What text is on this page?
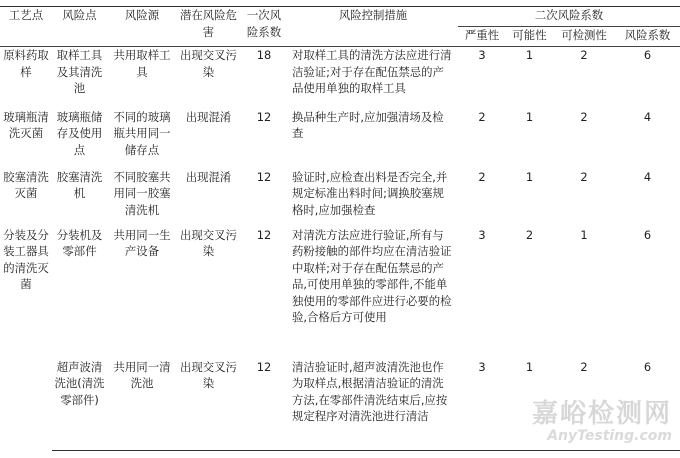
工艺点	风险点	风险源	潜在风险危害	一次风险系数	风险控制措施	二次风险系数			
						严重性	可能性	可检测性	风险系数
原料药取样	取样工具及其清洗池	共用取样工具	出现交叉污染	18	对取样工具的清洗方法应进行清洁验证;对于存在配伍禁忌的产品使用单独的取样工具	3	1	2	6
玻璃瓶清洗灭菌	玻璃瓶储存及使用点	不同的玻璃瓶共用同一储存点	出现混淆	12	换品种生产时,应加强清场及检查	2	1	2	4
胶塞清洗灭菌	胶塞清洗机	不同胶塞共用同一胶塞清洗机	出现混淆	12	验证时,应检查出料是否完全,并规定标准出料时间;调换胶塞规格时,应加强检查	2	1	2	4
分装及分装工器具的清洗灭菌	分装机及零部件	共用同一生产设备	出现交叉污染	12	对清洗方法应进行验证,所有与药粉接触的部件均应在清洁验证中取样;对于存在配伍禁忌的产品,可使用单独的零部件,不能单独使用的零部件应进行必要的检验,合格后方可使用	3	2	1	6
	超声波清洗池(清洗零部件)	共用同一清洗池	出现交叉污染	12	清洁验证时,超声波清洗池也作为取样点,根据清洁验证的清洗方法,在零部件清洗结束后,应按规定程序对清洗池进行清洁	3	1	2	6
嘉峪检测网
AnyTesting.com
